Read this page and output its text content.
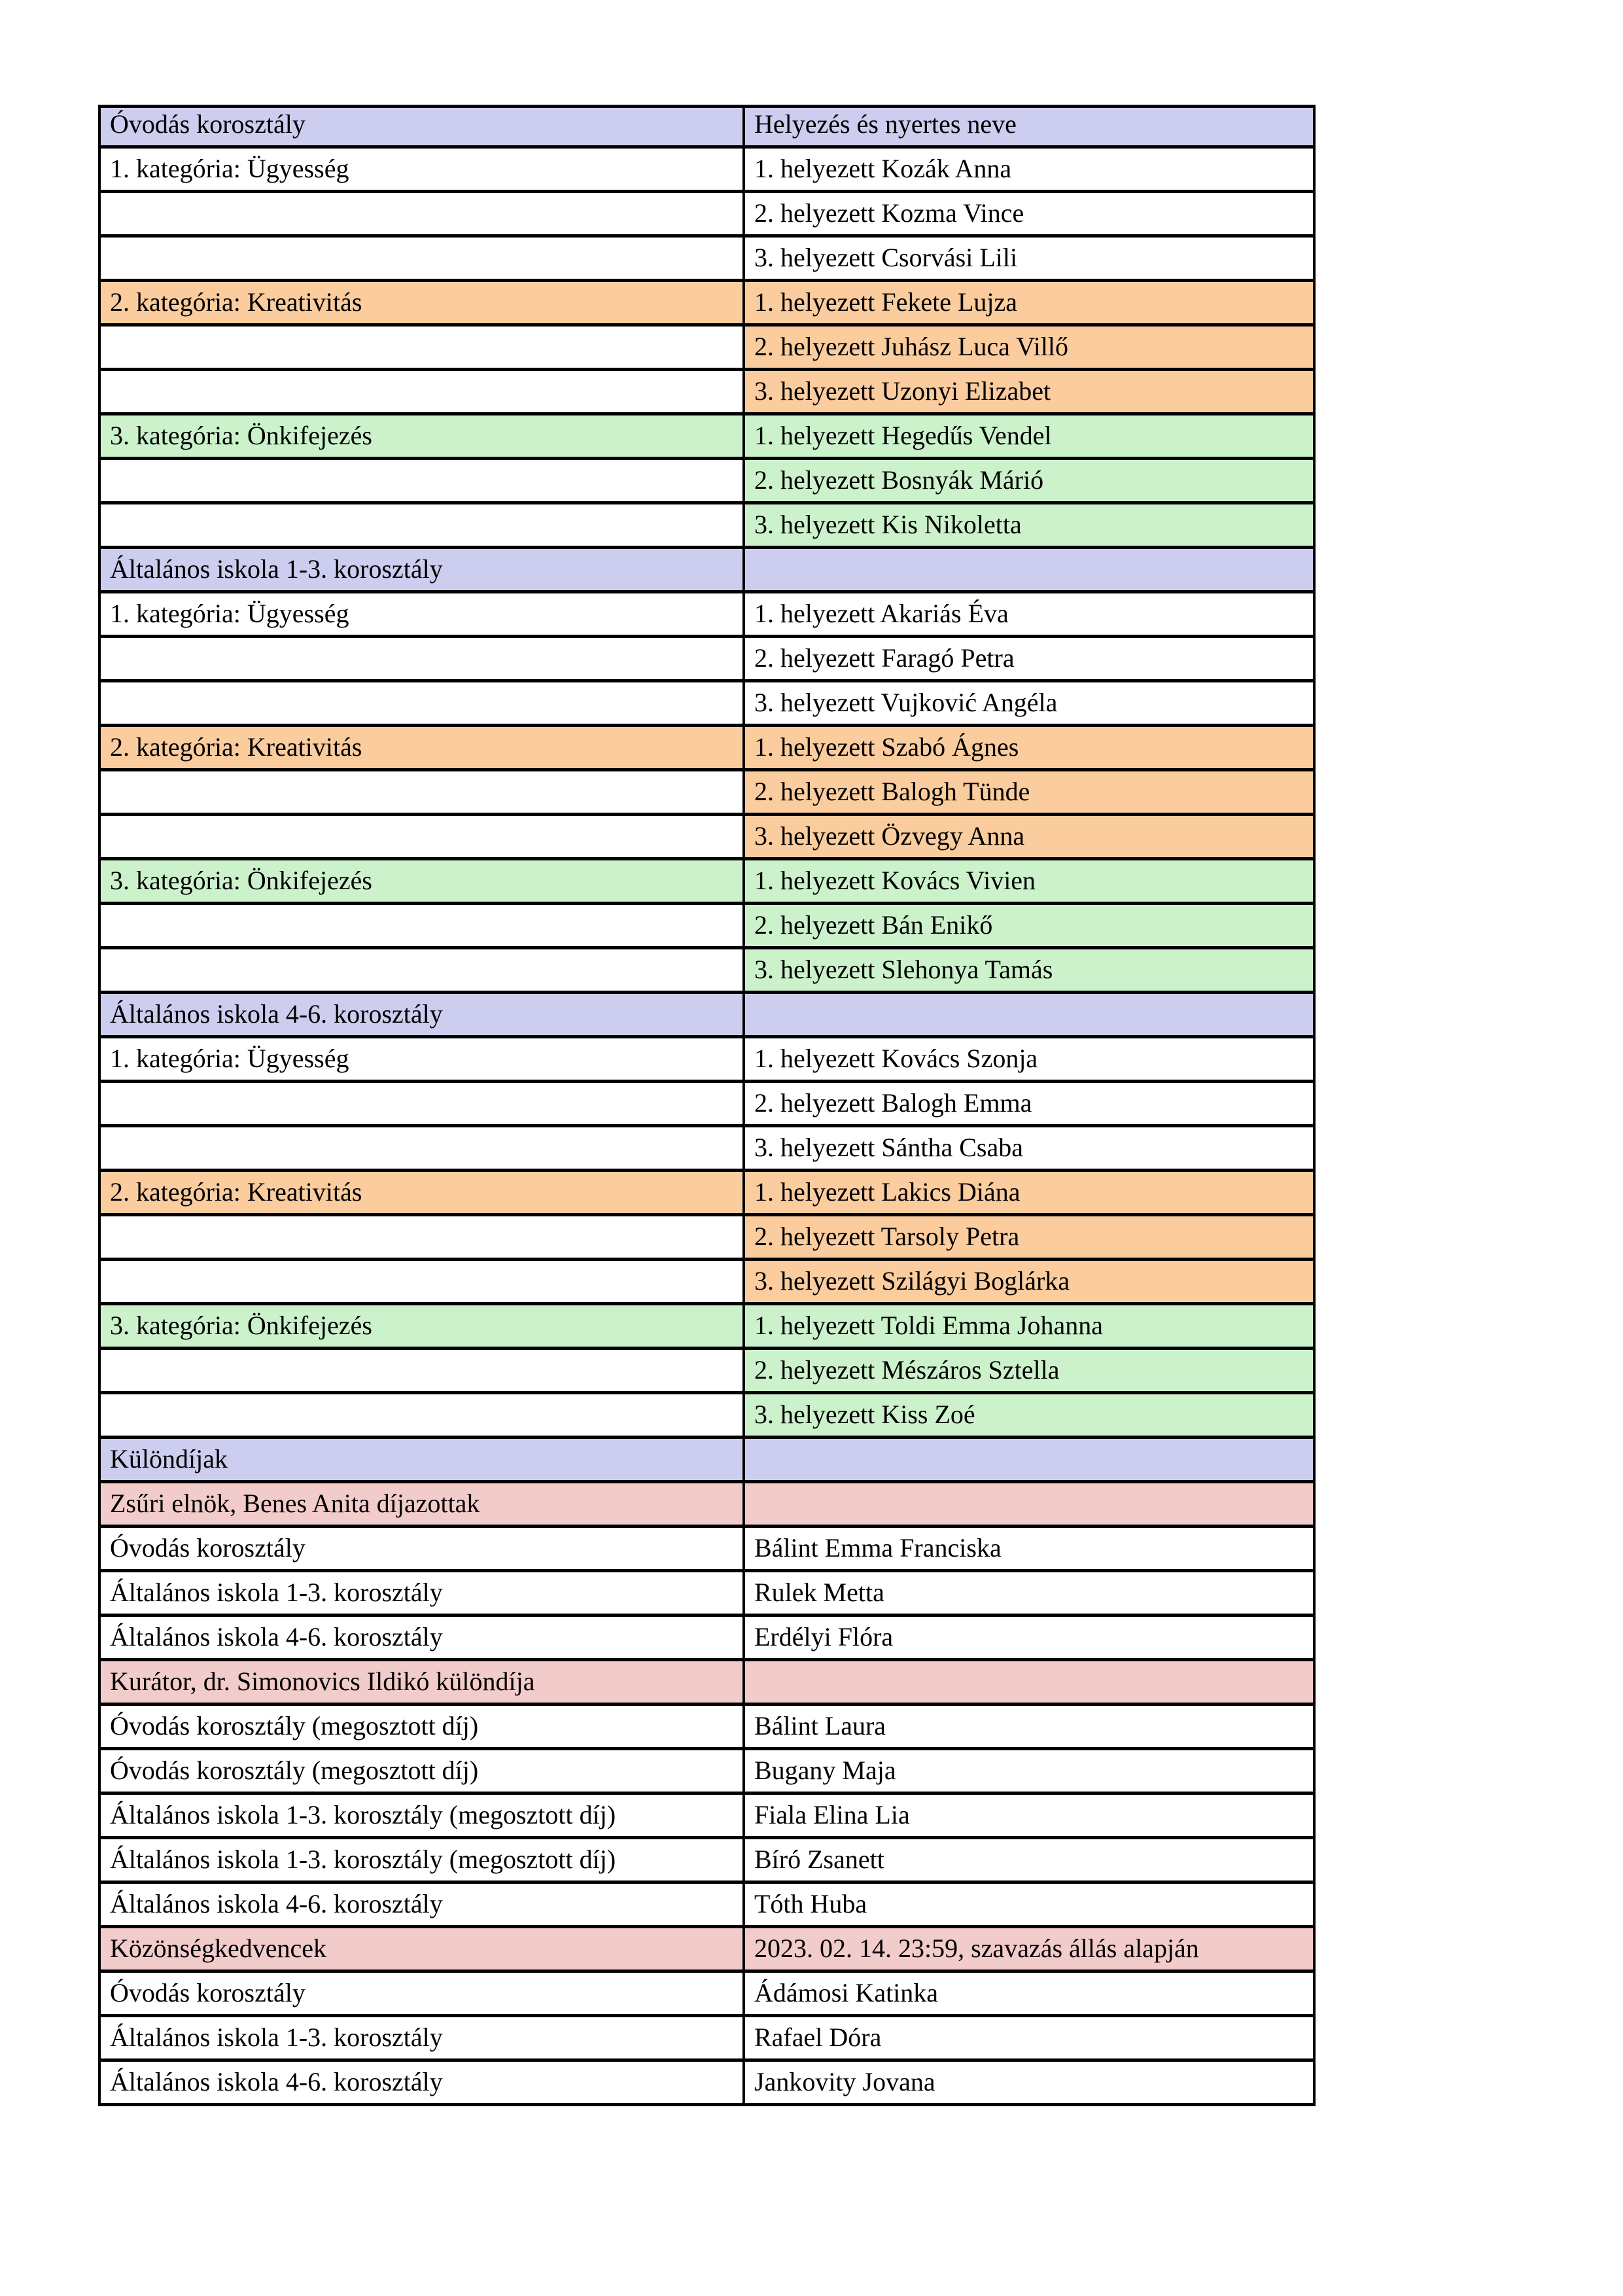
Óvodás korosztály	Helyezés és nyertes neve
1. kategória: Ügyesség	1. helyezett Kozák Anna
	2. helyezett Kozma Vince
	3. helyezett Csorvási Lili
2. kategória: Kreativitás	1. helyezett Fekete Lujza
	2. helyezett Juhász Luca Villő
	3. helyezett Uzonyi Elizabet
3. kategória: Önkifejezés	1. helyezett Hegedűs Vendel
	2. helyezett Bosnyák Márió
	3. helyezett Kis Nikoletta
Általános iskola 1-3. korosztály	
1. kategória: Ügyesség	1. helyezett Akariás Éva
	2. helyezett Faragó Petra
	3. helyezett Vujković Angéla
2. kategória: Kreativitás	1. helyezett Szabó Ágnes
	2. helyezett Balogh Tünde
	3. helyezett Özvegy Anna
3. kategória: Önkifejezés	1. helyezett Kovács Vivien
	2. helyezett Bán Enikő
	3. helyezett Slehonya Tamás
Általános iskola 4-6. korosztály	
1. kategória: Ügyesség	1. helyezett Kovács Szonja
	2. helyezett Balogh Emma
	3. helyezett Sántha Csaba
2. kategória: Kreativitás	1. helyezett Lakics Diána
	2. helyezett Tarsoly Petra
	3. helyezett Szilágyi Boglárka
3. kategória: Önkifejezés	1. helyezett Toldi Emma Johanna
	2. helyezett Mészáros Sztella
	3. helyezett Kiss Zoé
Különdíjak	
Zsűri elnök, Benes Anita díjazottak	
Óvodás korosztály	Bálint Emma Franciska
Általános iskola 1-3. korosztály	Rulek Metta
Általános iskola 4-6. korosztály	Erdélyi Flóra
Kurátor, dr. Simonovics Ildikó különdíja	
Óvodás korosztály (megosztott díj)	Bálint Laura
Óvodás korosztály (megosztott díj)	Bugany Maja
Általános iskola 1-3. korosztály (megosztott díj)	Fiala Elina Lia
Általános iskola 1-3. korosztály (megosztott díj)	Bíró Zsanett
Általános iskola 4-6. korosztály	Tóth Huba
Közönségkedvencek	2023. 02. 14. 23:59, szavazás állás alapján
Óvodás korosztály	Ádámosi Katinka
Általános iskola 1-3. korosztály	Rafael Dóra
Általános iskola 4-6. korosztály	Jankovity Jovana
